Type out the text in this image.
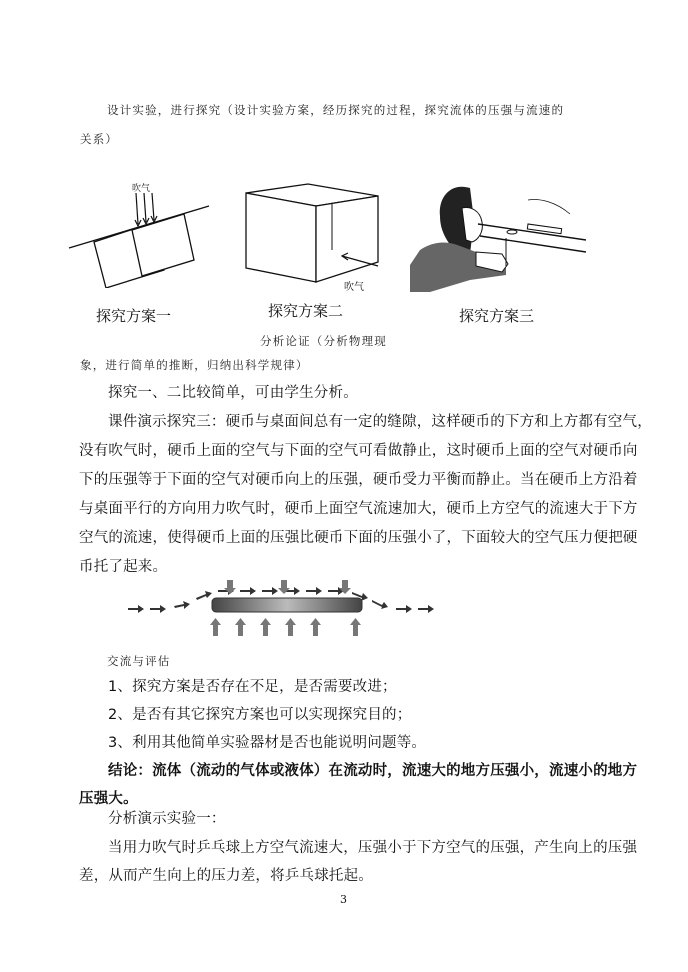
设计实验，进行探究（设计实验方案，经历探究的过程，探究流体的压强与流速的
关系）
吹气
探究方案一
吹气
探究方案二	探究方案三
分析论证（分析物理现
象，进行简单的推断，归纳出科学规律）
探究一、二比较简单，可由学生分析。
课件演示探究三：硬币与桌面间总有一定的缝隙，这样硬币的下方和上方都有空气，
没有吹气时，硬币上面的空气与下面的空气可看做静止，这时硬币上面的空气对硬币向
下的压强等于下面的空气对硬币向上的压强，硬币受力平衡而静止。当在硬币上方沿着
与桌面平行的方向用力吹气时，硬币上面空气流速加大，硬币上方空气的流速大于下方
空气的流速，使得硬币上面的压强比硬币下面的压强小了，下面较大的空气压力便把硬
币托了起来。
交流与评估
1、探究方案是否存在不足，是否需要改进；
2、是否有其它探究方案也可以实现探究目的；
3、利用其他简单实验器材是否也能说明问题等。
结论：流体（流动的气体或液体）在流动时，流速大的地方压强小，流速小的地方
压强大。
分析演示实验一：
当用力吹气时乒乓球上方空气流速大，压强小于下方空气的压强，产生向上的压强
差，从而产生向上的压力差，将乒乓球托起。
3
